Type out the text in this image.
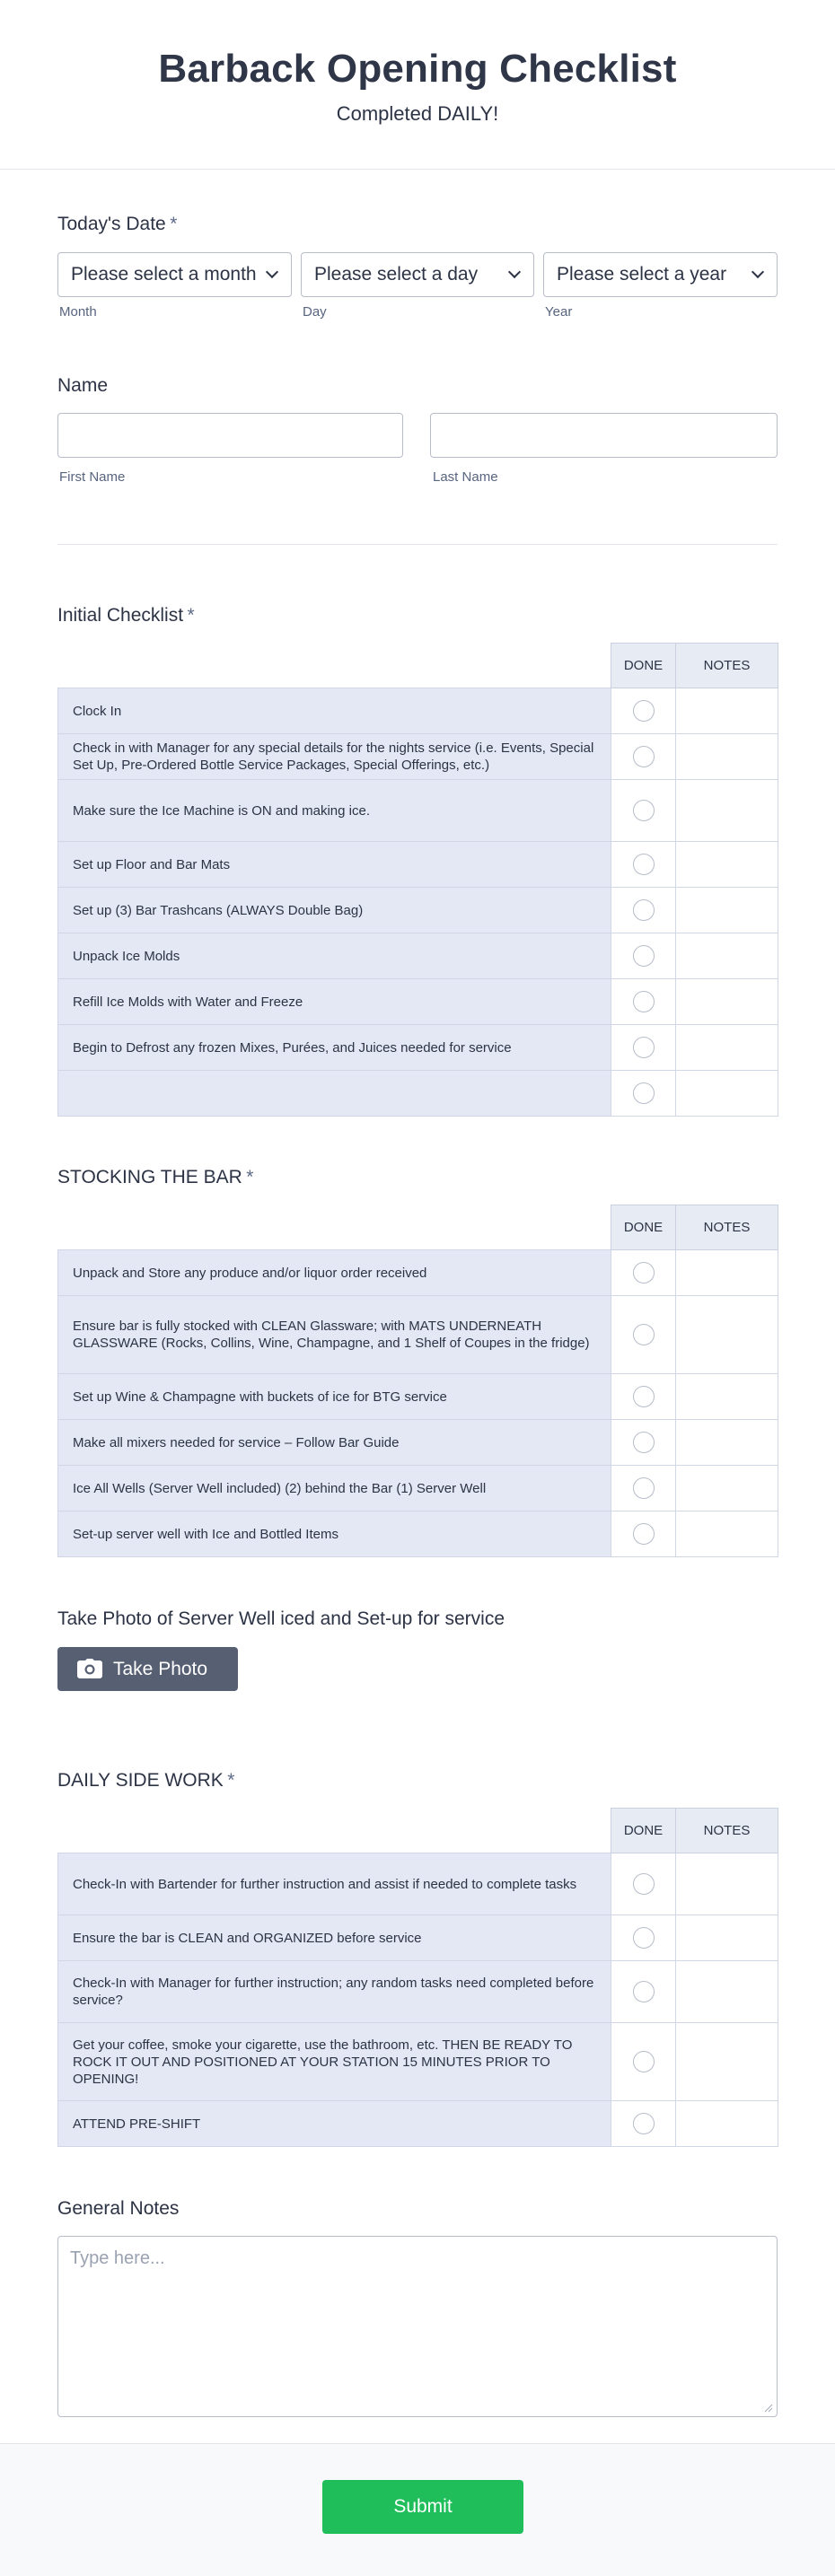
Barback Opening Checklist
Completed DAILY!
Today's Date *
Please select a month	Please select a day	Please select a year
Month	Day	Year
Name
First Name	Last Name
Initial Checklist *
	DONE	NOTES
Clock In		
Check in with Manager for any special details for the nights service (i.e. Events, Special Set Up, Pre-Ordered Bottle Service Packages, Special Offerings, etc.)		
Make sure the Ice Machine is ON and making ice.		
Set up Floor and Bar Mats		
Set up (3) Bar Trashcans (ALWAYS Double Bag)		
Unpack Ice Molds		
Refill Ice Molds with Water and Freeze		
Begin to Defrost any frozen Mixes, Purées, and Juices needed for service		

STOCKING THE BAR *
	DONE	NOTES
Unpack and Store any produce and/or liquor order received		
Ensure bar is fully stocked with CLEAN Glassware; with MATS UNDERNEATH GLASSWARE (Rocks, Collins, Wine, Champagne, and 1 Shelf of Coupes in the fridge)		
Set up Wine & Champagne with buckets of ice for BTG service		
Make all mixers needed for service – Follow Bar Guide		
Ice All Wells (Server Well included) (2) behind the Bar (1) Server Well		
Set-up server well with Ice and Bottled Items		
Take Photo of Server Well iced and Set-up for service
Take Photo
DAILY SIDE WORK *
	DONE	NOTES
Check-In with Bartender for further instruction and assist if needed to complete tasks		
Ensure the bar is CLEAN and ORGANIZED before service		
Check-In with Manager for further instruction; any random tasks need completed before service?		
Get your coffee, smoke your cigarette, use the bathroom, etc. THEN BE READY TO ROCK IT OUT AND POSITIONED AT YOUR STATION 15 MINUTES PRIOR TO OPENING!		
ATTEND PRE-SHIFT		
General Notes
Type here...
Submit
